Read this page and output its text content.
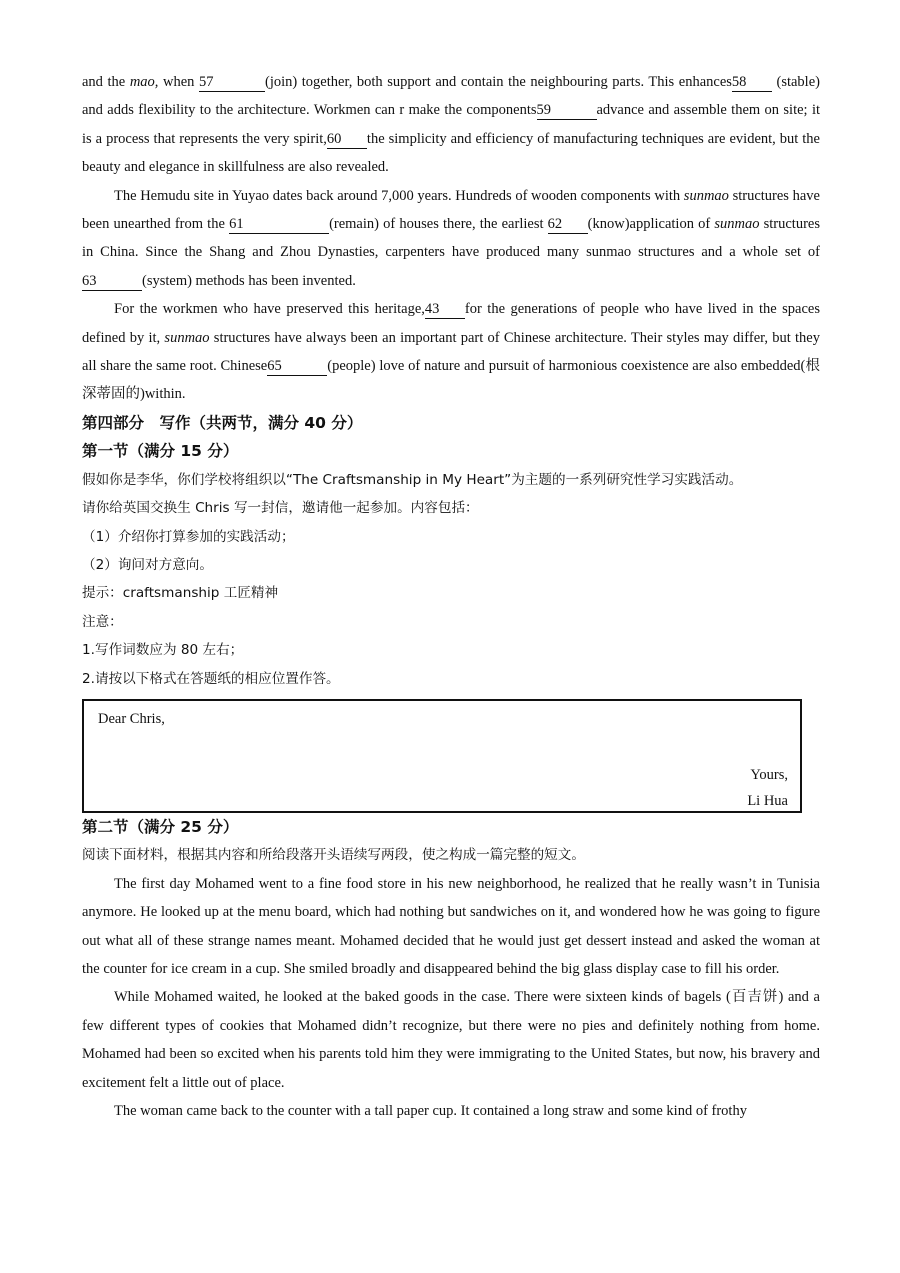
and the mao, when 57	(join) together, both support and contain the neighbouring parts. This enhances58 (stable) and adds flexibility to the architecture. Workmen can r make the components59	advance and assemble them on site; it is a process that represents the very spirit,60 the simplicity and efficiency of manufacturing techniques are evident, but the beauty and elegance in skillfulness are also revealed.

The Hemudu site in Yuyao dates back around 7,000 years. Hundreds of wooden components with sunmao structures have been unearthed from the 61	(remain) of houses there, the earliest 62 (know)application of sunmao structures in China. Since the Shang and Zhou Dynasties, carpenters have produced many sunmao structures and a whole set of63	(system) methods has been invented.

For the workmen who have preserved this heritage,43 for the generations of people who have lived in the spaces defined by it, sunmao structures have always been an important part of Chinese architecture. Their styles may differ, but they all share the same root. Chinese65	(people) love of nature and pursuit of harmonious coexistence are also embedded(根深蒂固的)within.

第四部分　写作（共两节，满分 40 分）

第一节（满分 15 分）

假如你是李华，你们学校将组织以“The Craftsmanship in My Heart”为主题的一系列研究性学习实践活动。

请你给英国交换生 Chris 写一封信，邀请他一起参加。内容包括：

（1）介绍你打算参加的实践活动；

（2）询问对方意向。

提示：craftsmanship 工匠精神

注意：

1.写作词数应为 80 左右；

2.请按以下格式在答题纸的相应位置作答。

Dear Chris,
Yours,
Li Hua

第二节（满分 25 分）

阅读下面材料，根据其内容和所给段落开头语续写两段，使之构成一篇完整的短文。

The first day Mohamed went to a fine food store in his new neighborhood, he realized that he really wasn’t in Tunisia anymore. He looked up at the menu board, which had nothing but sandwiches on it, and wondered how he was going to figure out what all of these strange names meant. Mohamed decided that he would just get dessert instead and asked the woman at the counter for ice cream in a cup. She smiled broadly and disappeared behind the big glass display case to fill his order.

While Mohamed waited, he looked at the baked goods in the case. There were sixteen kinds of bagels (百吉饼) and a few different types of cookies that Mohamed didn’t recognize, but there were no pies and definitely nothing from home. Mohamed had been so excited when his parents told him they were immigrating to the United States, but now, his bravery and excitement felt a little out of place.

The woman came back to the counter with a tall paper cup. It contained a long straw and some kind of frothy
